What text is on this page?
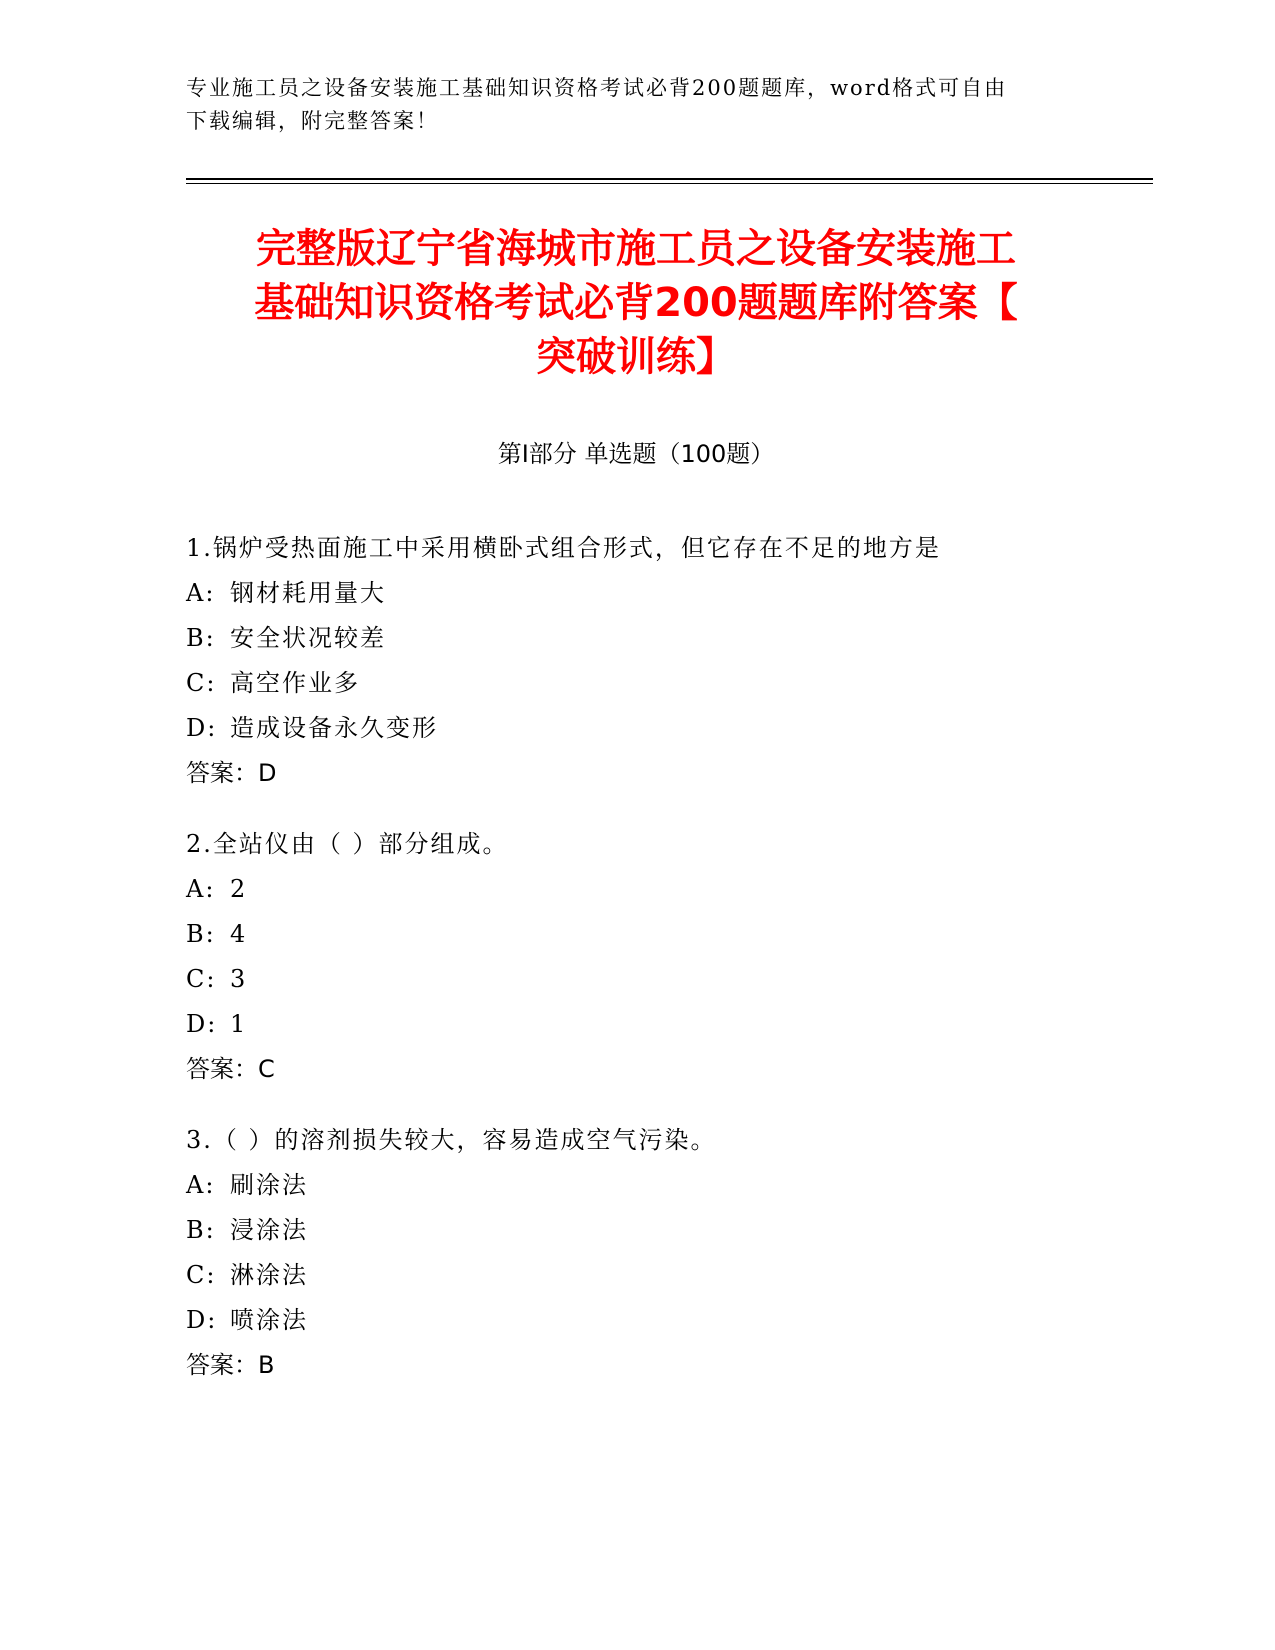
专业施工员之设备安装施工基础知识资格考试必背200题题库，word格式可自由
下载编辑，附完整答案！
完整版辽宁省海城市施工员之设备安装施工
基础知识资格考试必背200题题库附答案【
突破训练】
第Ⅰ部分 单选题（100题）
1.锅炉受热面施工中采用横卧式组合形式，但它存在不足的地方是
A: 钢材耗用量大
B: 安全状况较差
C: 高空作业多
D: 造成设备永久变形
答案：D
2.全站仪由（ ）部分组成。
A: 2
B: 4
C: 3
D: 1
答案：C
3.（ ）的溶剂损失较大，容易造成空气污染。
A: 刷涂法
B: 浸涂法
C: 淋涂法
D: 喷涂法
答案：B
